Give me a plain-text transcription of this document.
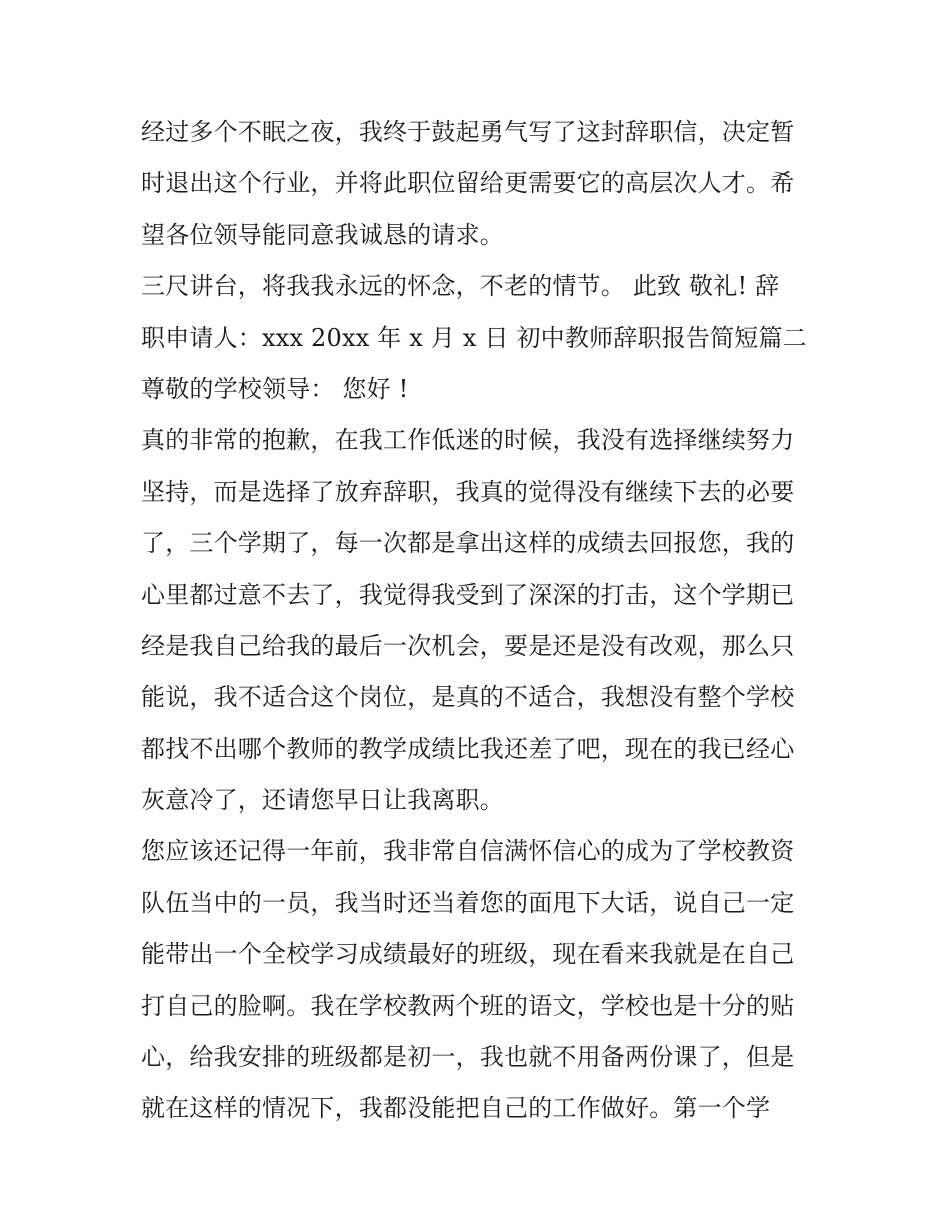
经过多个不眠之夜，我终于鼓起勇气写了这封辞职信，决定暂
时退出这个行业，并将此职位留给更需要它的高层次人才。希
望各位领导能同意我诚恳的请求。
三尺讲台，将我我永远的怀念，不老的情节。 此致 敬礼! 辞
职申请人：xxx 20xx 年 x 月 x 日 初中教师辞职报告简短篇二
尊敬的学校领导： 您好 !
真的非常的抱歉，在我工作低迷的时候，我没有选择继续努力
坚持，而是选择了放弃辞职，我真的觉得没有继续下去的必要
了，三个学期了，每一次都是拿出这样的成绩去回报您，我的
心里都过意不去了，我觉得我受到了深深的打击，这个学期已
经是我自己给我的最后一次机会，要是还是没有改观，那么只
能说，我不适合这个岗位，是真的不适合，我想没有整个学校
都找不出哪个教师的教学成绩比我还差了吧，现在的我已经心
灰意冷了，还请您早日让我离职。
您应该还记得一年前，我非常自信满怀信心的成为了学校教资
队伍当中的一员，我当时还当着您的面甩下大话，说自己一定
能带出一个全校学习成绩最好的班级，现在看来我就是在自己
打自己的脸啊。我在学校教两个班的语文，学校也是十分的贴
心，给我安排的班级都是初一，我也就不用备两份课了，但是
就在这样的情况下，我都没能把自己的工作做好。第一个学
